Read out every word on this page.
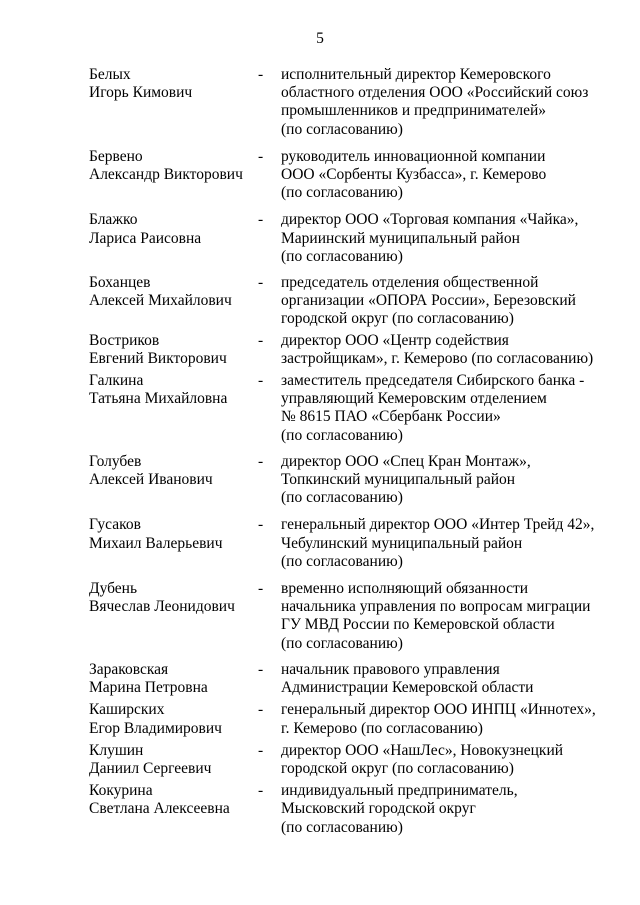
5
Белых
Игорь Кимович
- исполнительный директор Кемеровского
областного отделения ООО «Российский союз
промышленников и предпринимателей»
(по согласованию)
Бервено
Александр Викторович
- руководитель инновационной компании
ООО «Сорбенты Кузбасса», г. Кемерово
(по согласованию)
Блажко
Лариса Раисовна
- директор ООО «Торговая компания «Чайка»,
Мариинский муниципальный район
(по согласованию)
Боханцев
Алексей Михайлович
- председатель отделения общественной
организации «ОПОРА России», Березовский
городской округ (по согласованию)
Востриков
Евгений Викторович
- директор ООО «Центр содействия
застройщикам», г. Кемерово (по согласованию)
Галкина
Татьяна Михайловна
- заместитель председателя Сибирского банка -
управляющий Кемеровским отделением
№ 8615 ПАО «Сбербанк России»
(по согласованию)
Голубев
Алексей Иванович
- директор ООО «Спец Кран Монтаж»,
Топкинский муниципальный район
(по согласованию)
Гусаков
Михаил Валерьевич
- генеральный директор ООО «Интер Трейд 42»,
Чебулинский муниципальный район
(по согласованию)
Дубень
Вячеслав Леонидович
- временно исполняющий обязанности
начальника управления по вопросам миграции
ГУ МВД России по Кемеровской области
(по согласованию)
Зараковская
Марина Петровна
- начальник правового управления
Администрации Кемеровской области
Каширских
Егор Владимирович
- генеральный директор ООО ИНПЦ «Иннотех»,
г. Кемерово (по согласованию)
Клушин
Даниил Сергеевич
- директор ООО «НашЛес», Новокузнецкий
городской округ (по согласованию)
Кокурина
Светлана Алексеевна
- индивидуальный предприниматель,
Мысковский городской округ
(по согласованию)
